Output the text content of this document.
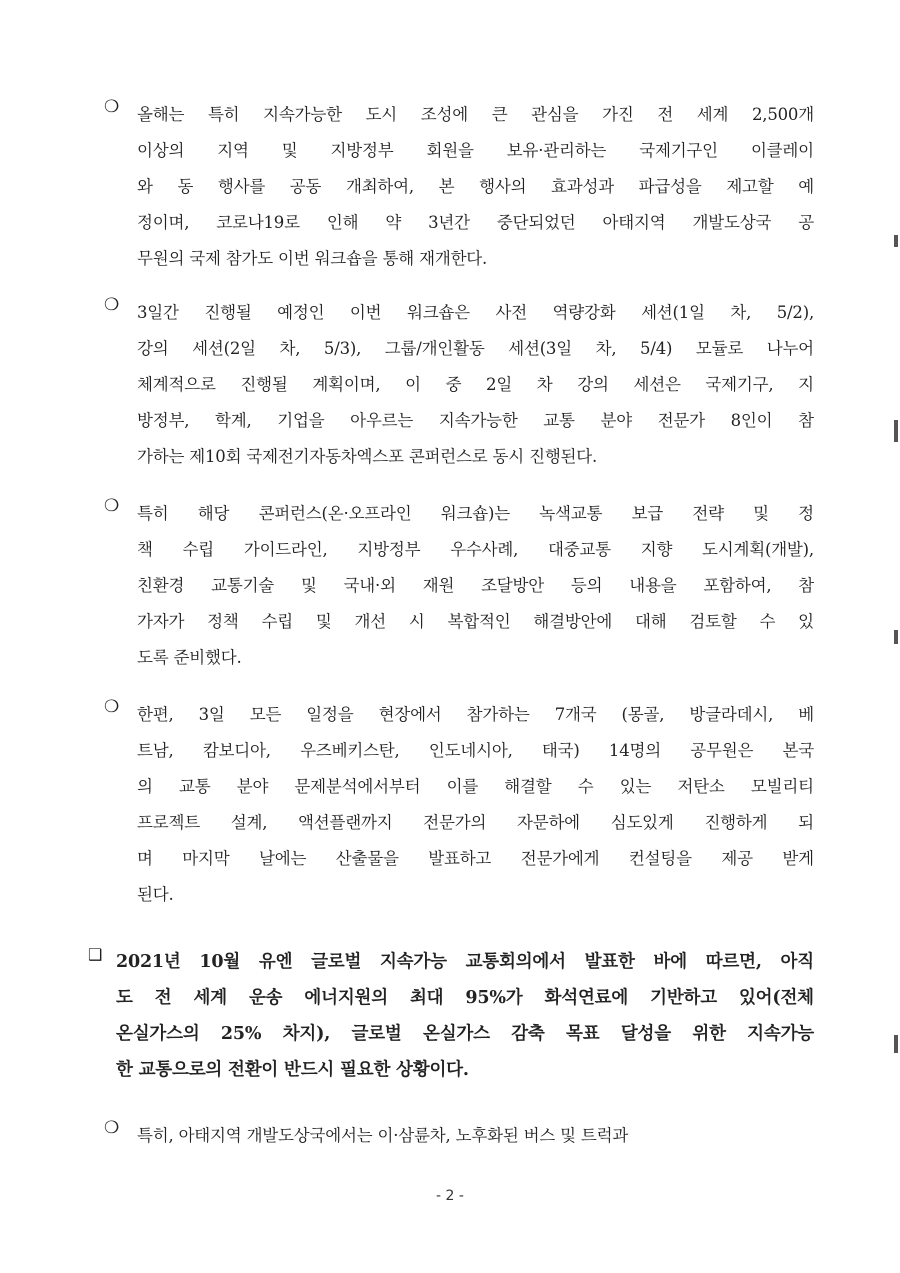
❍ 올해는 특히 지속가능한 도시 조성에 큰 관심을 가진 전 세계 2,500개
이상의 지역 및 지방정부 회원을 보유·관리하는 국제기구인 이클레이
와 동 행사를 공동 개최하여, 본 행사의 효과성과 파급성을 제고할 예
정이며, 코로나19로 인해 약 3년간 중단되었던 아태지역 개발도상국 공
무원의 국제 참가도 이번 워크숍을 통해 재개한다.
❍ 3일간 진행될 예정인 이번 워크숍은 사전 역량강화 세션(1일 차, 5/2),
강의 세션(2일 차, 5/3), 그룹/개인활동 세션(3일 차, 5/4) 모듈로 나누어
체계적으로 진행될 계획이며, 이 중 2일 차 강의 세션은 국제기구, 지
방정부, 학계, 기업을 아우르는 지속가능한 교통 분야 전문가 8인이 참
가하는 제10회 국제전기자동차엑스포 콘퍼런스로 동시 진행된다.
❍ 특히 해당 콘퍼런스(온·오프라인 워크숍)는 녹색교통 보급 전략 및 정
책 수립 가이드라인, 지방정부 우수사례, 대중교통 지향 도시계획(개발),
친환경 교통기술 및 국내·외 재원 조달방안 등의 내용을 포함하여, 참
가자가 정책 수립 및 개선 시 복합적인 해결방안에 대해 검토할 수 있
도록 준비했다.
❍ 한편, 3일 모든 일정을 현장에서 참가하는 7개국 (몽골, 방글라데시, 베
트남, 캄보디아, 우즈베키스탄, 인도네시아, 태국) 14명의 공무원은 본국
의 교통 분야 문제분석에서부터 이를 해결할 수 있는 저탄소 모빌리티
프로젝트 설계, 액션플랜까지 전문가의 자문하에 심도있게 진행하게 되
며 마지막 날에는 산출물을 발표하고 전문가에게 컨설팅을 제공 받게
된다.
❑ 2021년 10월 유엔 글로벌 지속가능 교통회의에서 발표한 바에 따르면, 아직
도 전 세계 운송 에너지원의 최대 95%가 화석연료에 기반하고 있어(전체
온실가스의 25% 차지), 글로벌 온실가스 감축 목표 달성을 위한 지속가능
한 교통으로의 전환이 반드시 필요한 상황이다.
❍ 특히, 아태지역 개발도상국에서는 이·삼륜차, 노후화된 버스 및 트럭과
- 2 -
